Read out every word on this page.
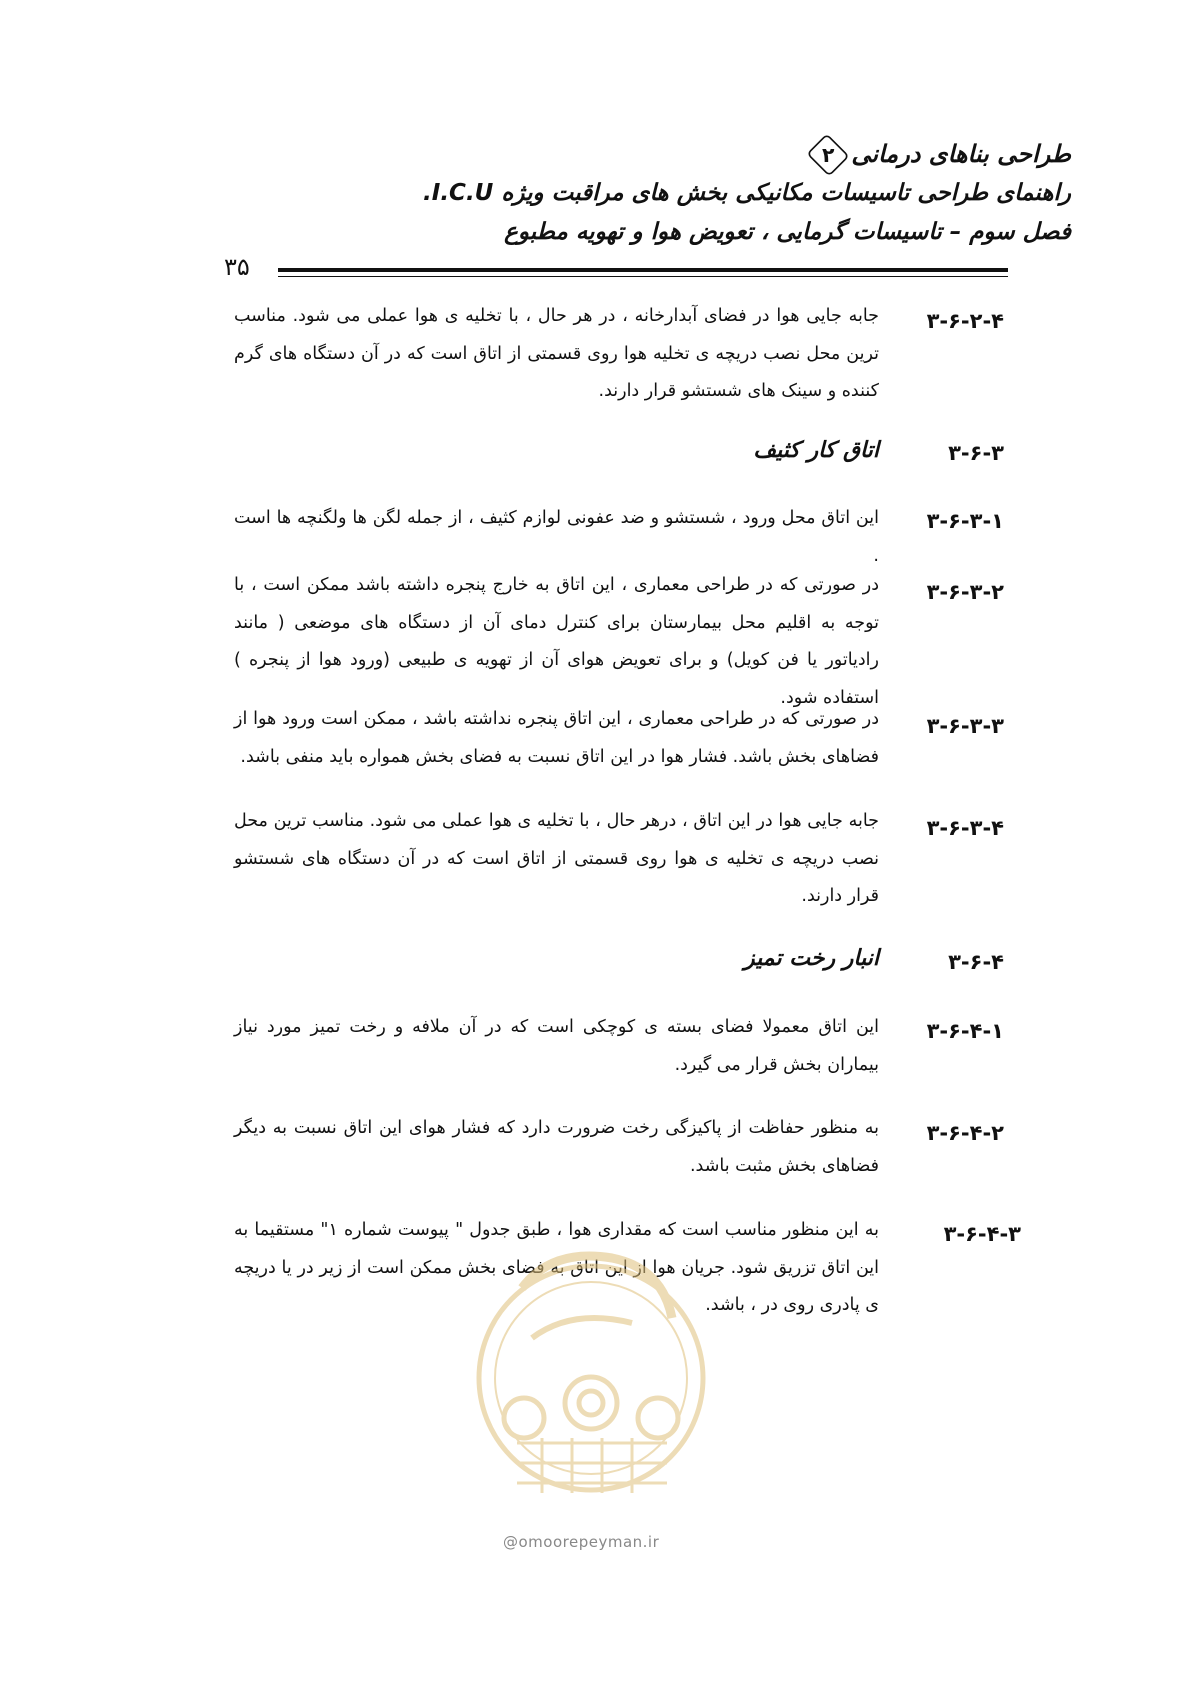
طراحی بناهای درمانی۲
راهنمای طراحی تاسیسات مکانیکی بخش های مراقبت ویژه I.C.U.
فصل سوم – تاسیسات گرمایی ، تعویض هوا و تهویه مطبوع
۳۵
۳-۶-۲-۴
جابه جایی هوا در فضای آبدارخانه ، در هر حال ، با تخلیه ی هوا عملی می شود. مناسب ترین محل نصب دریچه ی تخلیه هوا روی قسمتی از اتاق است که در آن دستگاه های گرم کننده و سینک های شستشو قرار دارند.
۳-۶-۳
اتاق کار کثیف
۳-۶-۳-۱
این اتاق محل ورود ، شستشو و ضد عفونی لوازم کثیف ، از جمله لگن ها ولگنچه ها است .
۳-۶-۳-۲
در صورتی که در طراحی معماری ، این اتاق به خارج پنجره داشته باشد ممکن است ، با توجه به اقلیم محل بیمارستان برای کنترل دمای آن از دستگاه های موضعی ( مانند رادیاتور یا فن کویل) و برای تعویض هوای آن از تهویه ی طبیعی (ورود هوا از پنجره ) استفاده شود.
۳-۶-۳-۳
در صورتی که در طراحی معماری ، این اتاق پنجره نداشته باشد ، ممکن است ورود هوا از فضاهای بخش باشد. فشار هوا در این اتاق نسبت به فضای بخش همواره باید منفی باشد.
۳-۶-۳-۴
جابه جایی هوا در این اتاق ، درهر حال ، با تخلیه ی هوا عملی می شود. مناسب ترین محل نصب دریچه ی تخلیه ی هوا روی قسمتی از اتاق است که در آن دستگاه های شستشو قرار دارند.
۳-۶-۴
انبار رخت تمیز
۳-۶-۴-۱
این اتاق معمولا فضای بسته ی کوچکی است که در آن ملافه و رخت تمیز مورد نیاز بیماران بخش قرار می گیرد.
۳-۶-۴-۲
به منظور حفاظت از پاکیزگی رخت ضرورت دارد که فشار هوای این اتاق نسبت به دیگر فضاهای بخش مثبت باشد.
۳-۶-۴-۳
به این منظور مناسب است که مقداری هوا ، طبق جدول " پیوست شماره ۱" مستقیما به این اتاق تزریق شود. جریان هوا از این اتاق به فضای بخش ممکن است از زیر در یا دریچه ی پادری روی در ، باشد.
@omoorepeyman.ir
